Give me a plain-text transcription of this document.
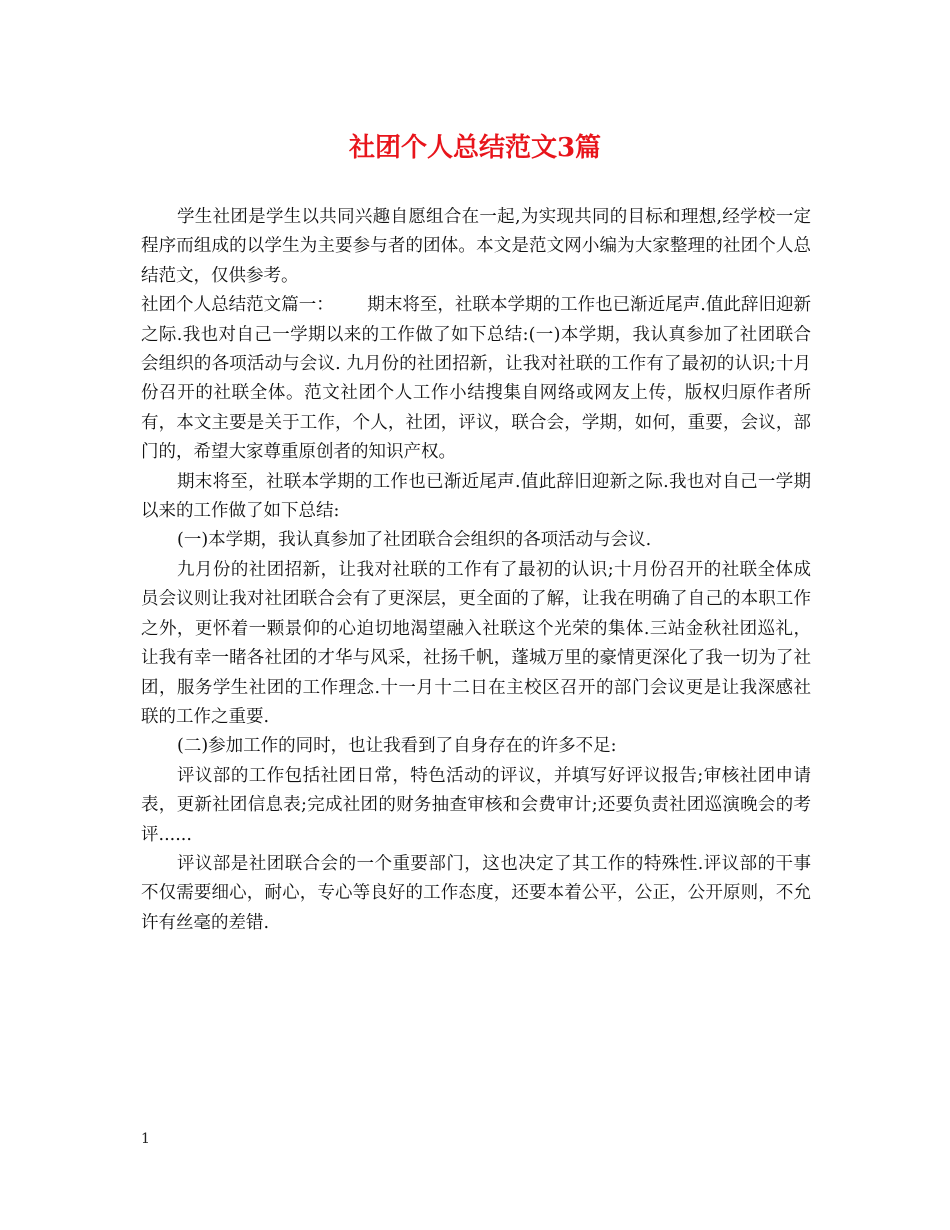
社团个人总结范文3篇

学生社团是学生以共同兴趣自愿组合在一起,为实现共同的目标和理想,经学校一定程序而组成的以学生为主要参与者的团体。本文是范文网小编为大家整理的社团个人总结范文，仅供参考。

社团个人总结范文篇一：      期末将至，社联本学期的工作也已渐近尾声.值此辞旧迎新之际.我也对自己一学期以来的工作做了如下总结:(一)本学期，我认真参加了社团联合会组织的各项活动与会议. 九月份的社团招新，让我对社联的工作有了最初的认识;十月份召开的社联全体。范文社团个人工作小结搜集自网络或网友上传，版权归原作者所有，本文主要是关于工作，个人，社团，评议，联合会，学期，如何，重要，会议，部门的，希望大家尊重原创者的知识产权。

期末将至，社联本学期的工作也已渐近尾声.值此辞旧迎新之际.我也对自己一学期以来的工作做了如下总结:

(一)本学期，我认真参加了社团联合会组织的各项活动与会议.

九月份的社团招新，让我对社联的工作有了最初的认识;十月份召开的社联全体成员会议则让我对社团联合会有了更深层，更全面的了解，让我在明确了自己的本职工作之外，更怀着一颗景仰的心迫切地渴望融入社联这个光荣的集体.三站金秋社团巡礼，让我有幸一睹各社团的才华与风采，社扬千帆，蓬城万里的豪情更深化了我一切为了社团，服务学生社团的工作理念.十一月十二日在主校区召开的部门会议更是让我深感社联的工作之重要.

(二)参加工作的同时，也让我看到了自身存在的许多不足:

评议部的工作包括社团日常，特色活动的评议，并填写好评议报告;审核社团申请表，更新社团信息表;完成社团的财务抽查审核和会费审计;还要负责社团巡演晚会的考评......

评议部是社团联合会的一个重要部门，这也决定了其工作的特殊性.评议部的干事不仅需要细心，耐心，专心等良好的工作态度，还要本着公平，公正，公开原则，不允许有丝毫的差错.

1
